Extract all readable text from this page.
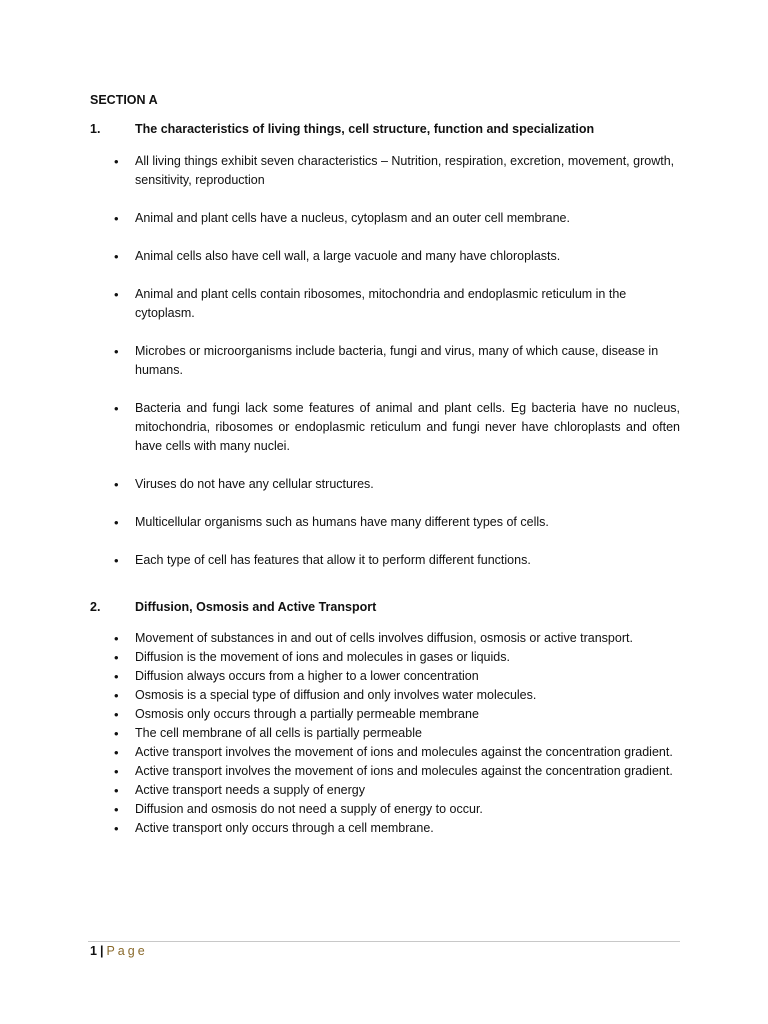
SECTION A
1.	The characteristics of living things, cell structure, function and specialization
• All living things exhibit seven characteristics – Nutrition, respiration, excretion, movement, growth, sensitivity, reproduction
• Animal and plant cells have a nucleus, cytoplasm and an outer cell membrane.
• Animal cells also have cell wall, a large vacuole and many have chloroplasts.
• Animal and plant cells contain ribosomes, mitochondria and endoplasmic reticulum in the cytoplasm.
• Microbes or microorganisms include bacteria, fungi and virus, many of which cause, disease in humans.
• Bacteria and fungi lack some features of animal and plant cells. Eg bacteria have no nucleus, mitochondria, ribosomes or endoplasmic reticulum and fungi never have chloroplasts and often have cells with many nuclei.
• Viruses do not have any cellular structures.
• Multicellular organisms such as humans have many different types of cells.
• Each type of cell has features that allow it to perform different functions.
2.	Diffusion, Osmosis and Active Transport
• Movement of substances in and out of cells involves diffusion, osmosis or active transport.
• Diffusion is the movement of ions and molecules in gases or liquids.
• Diffusion always occurs from a higher to a lower concentration
• Osmosis is a special type of diffusion and only involves water molecules.
• Osmosis only occurs through a partially permeable membrane
• The cell membrane of all cells is partially permeable
• Active transport involves the movement of ions and molecules against the concentration gradient.
• Active transport involves the movement of ions and molecules against the concentration gradient.
• Active transport needs a supply of energy
• Diffusion and osmosis do not need a supply of energy to occur.
• Active transport only occurs through a cell membrane.
1 | Page
